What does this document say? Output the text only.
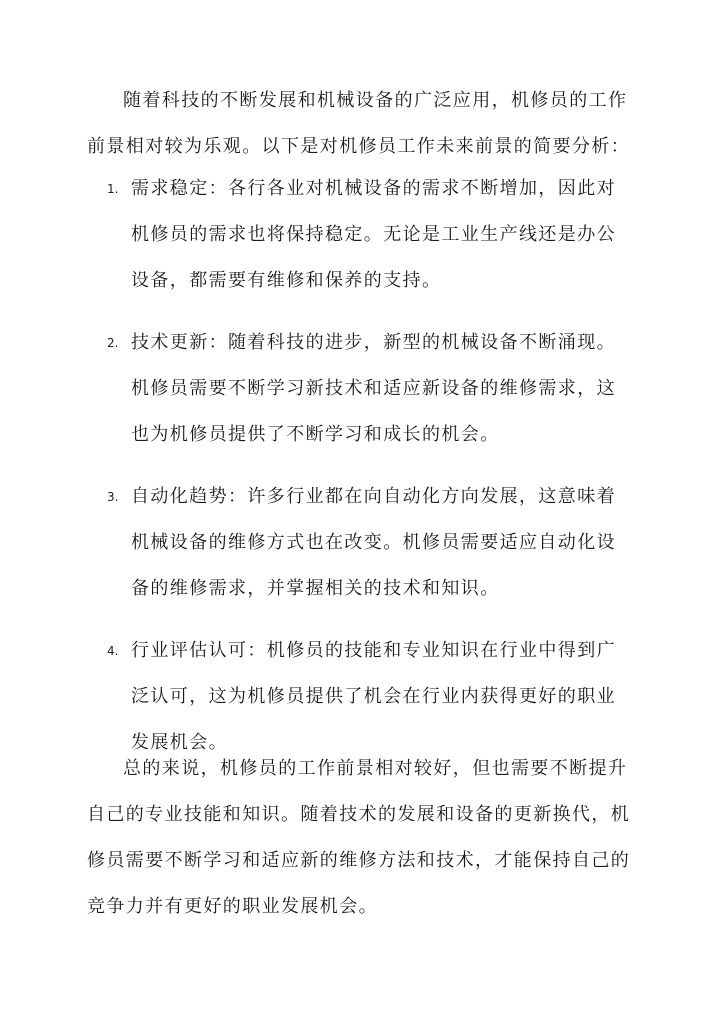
随着科技的不断发展和机械设备的广泛应用，机修员的工作前景相对较为乐观。以下是对机修员工作未来前景的简要分析：

1. 需求稳定：各行各业对机械设备的需求不断增加，因此对机修员的需求也将保持稳定。无论是工业生产线还是办公设备，都需要有维修和保养的支持。
2. 技术更新：随着科技的进步，新型的机械设备不断涌现。机修员需要不断学习新技术和适应新设备的维修需求，这也为机修员提供了不断学习和成长的机会。
3. 自动化趋势：许多行业都在向自动化方向发展，这意味着机械设备的维修方式也在改变。机修员需要适应自动化设备的维修需求，并掌握相关的技术和知识。
4. 行业评估认可：机修员的技能和专业知识在行业中得到广泛认可，这为机修员提供了机会在行业内获得更好的职业发展机会。

总的来说，机修员的工作前景相对较好，但也需要不断提升自己的专业技能和知识。随着技术的发展和设备的更新换代，机修员需要不断学习和适应新的维修方法和技术，才能保持自己的竞争力并有更好的职业发展机会。
